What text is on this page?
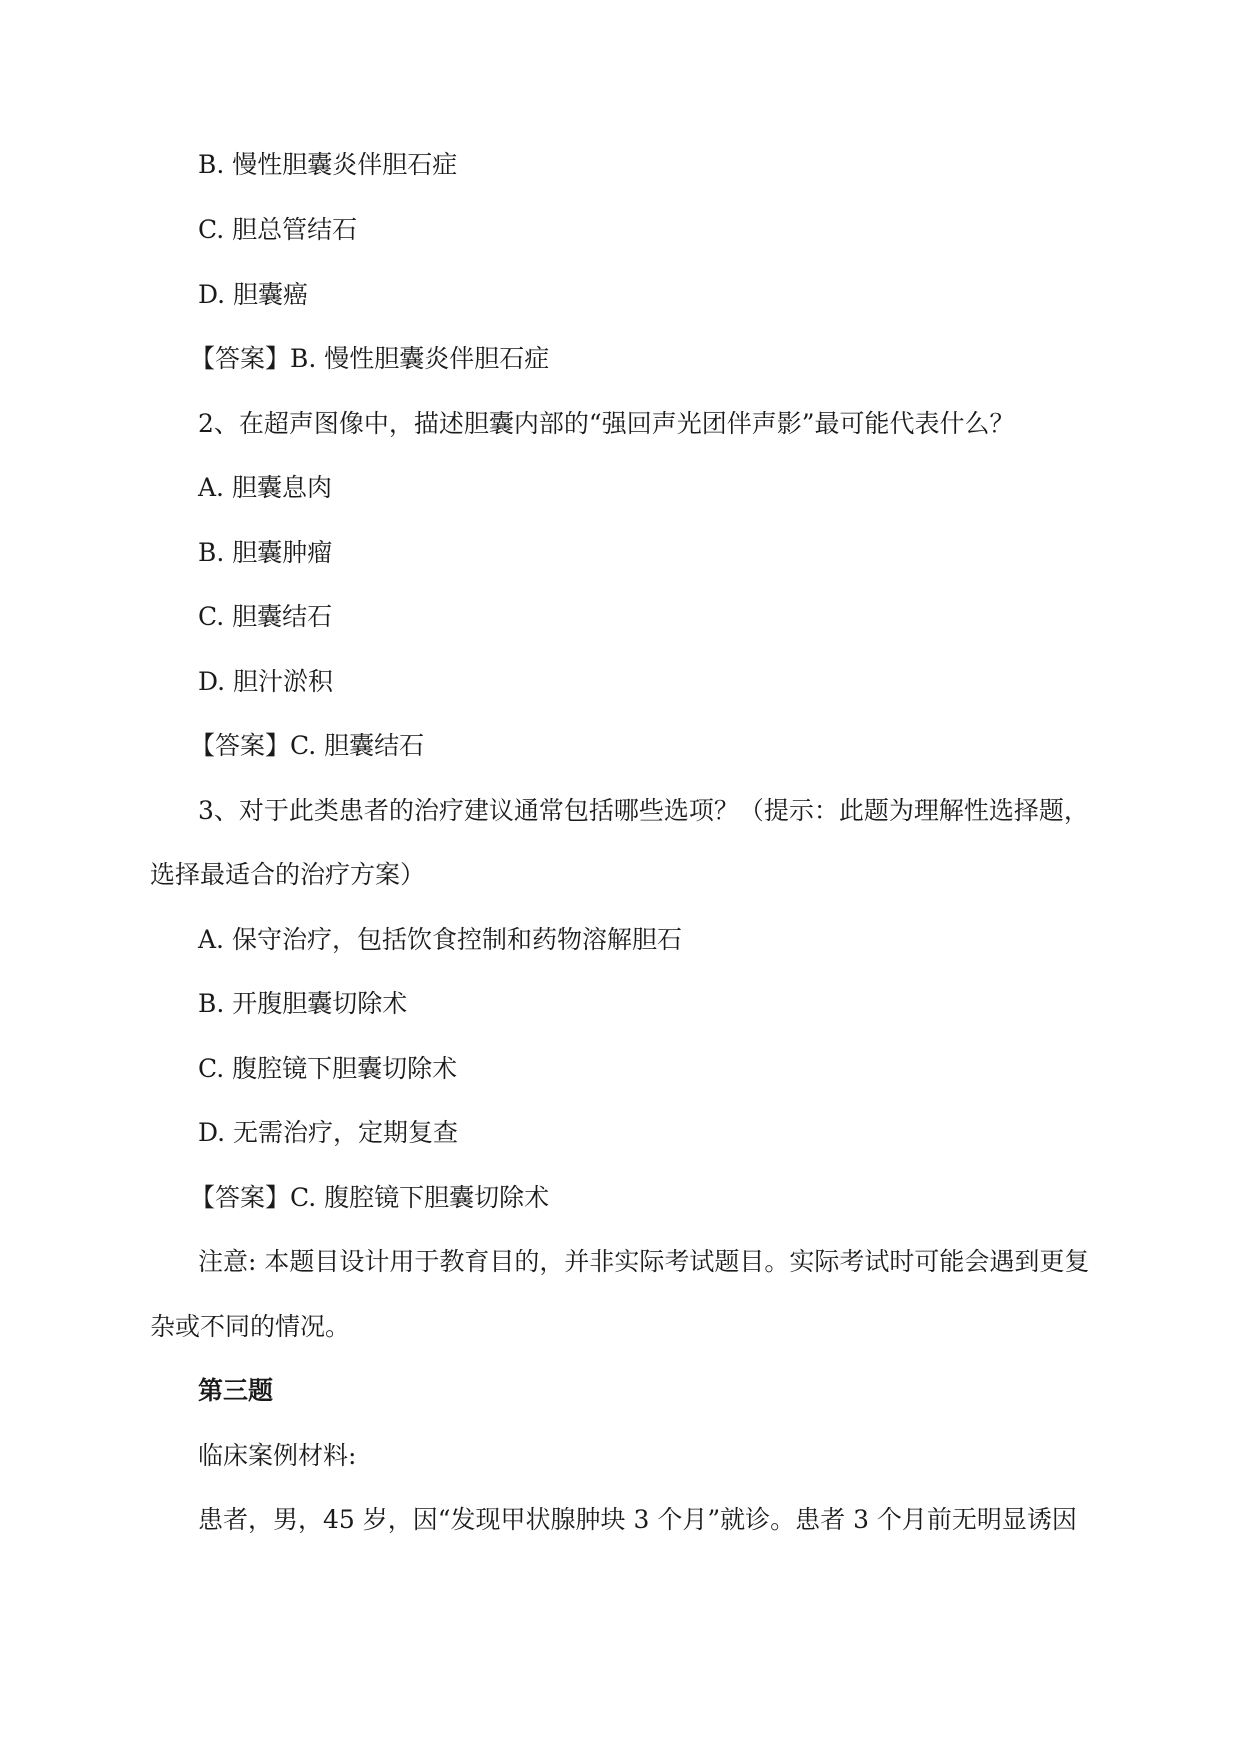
B. 慢性胆囊炎伴胆石症
C. 胆总管结石
D. 胆囊癌
【答案】B. 慢性胆囊炎伴胆石症
2、在超声图像中，描述胆囊内部的“强回声光团伴声影”最可能代表什么？
A. 胆囊息肉
B. 胆囊肿瘤
C. 胆囊结石
D. 胆汁淤积
【答案】C. 胆囊结石
3、对于此类患者的治疗建议通常包括哪些选项？（提示：此题为理解性选择题，
选择最适合的治疗方案）
A. 保守治疗，包括饮食控制和药物溶解胆石
B. 开腹胆囊切除术
C. 腹腔镜下胆囊切除术
D. 无需治疗，定期复查
【答案】C. 腹腔镜下胆囊切除术
注意: 本题目设计用于教育目的，并非实际考试题目。实际考试时可能会遇到更复
杂或不同的情况。
第三题
临床案例材料:
患者，男，45 岁，因“发现甲状腺肿块 3 个月”就诊。患者 3 个月前无明显诱因
